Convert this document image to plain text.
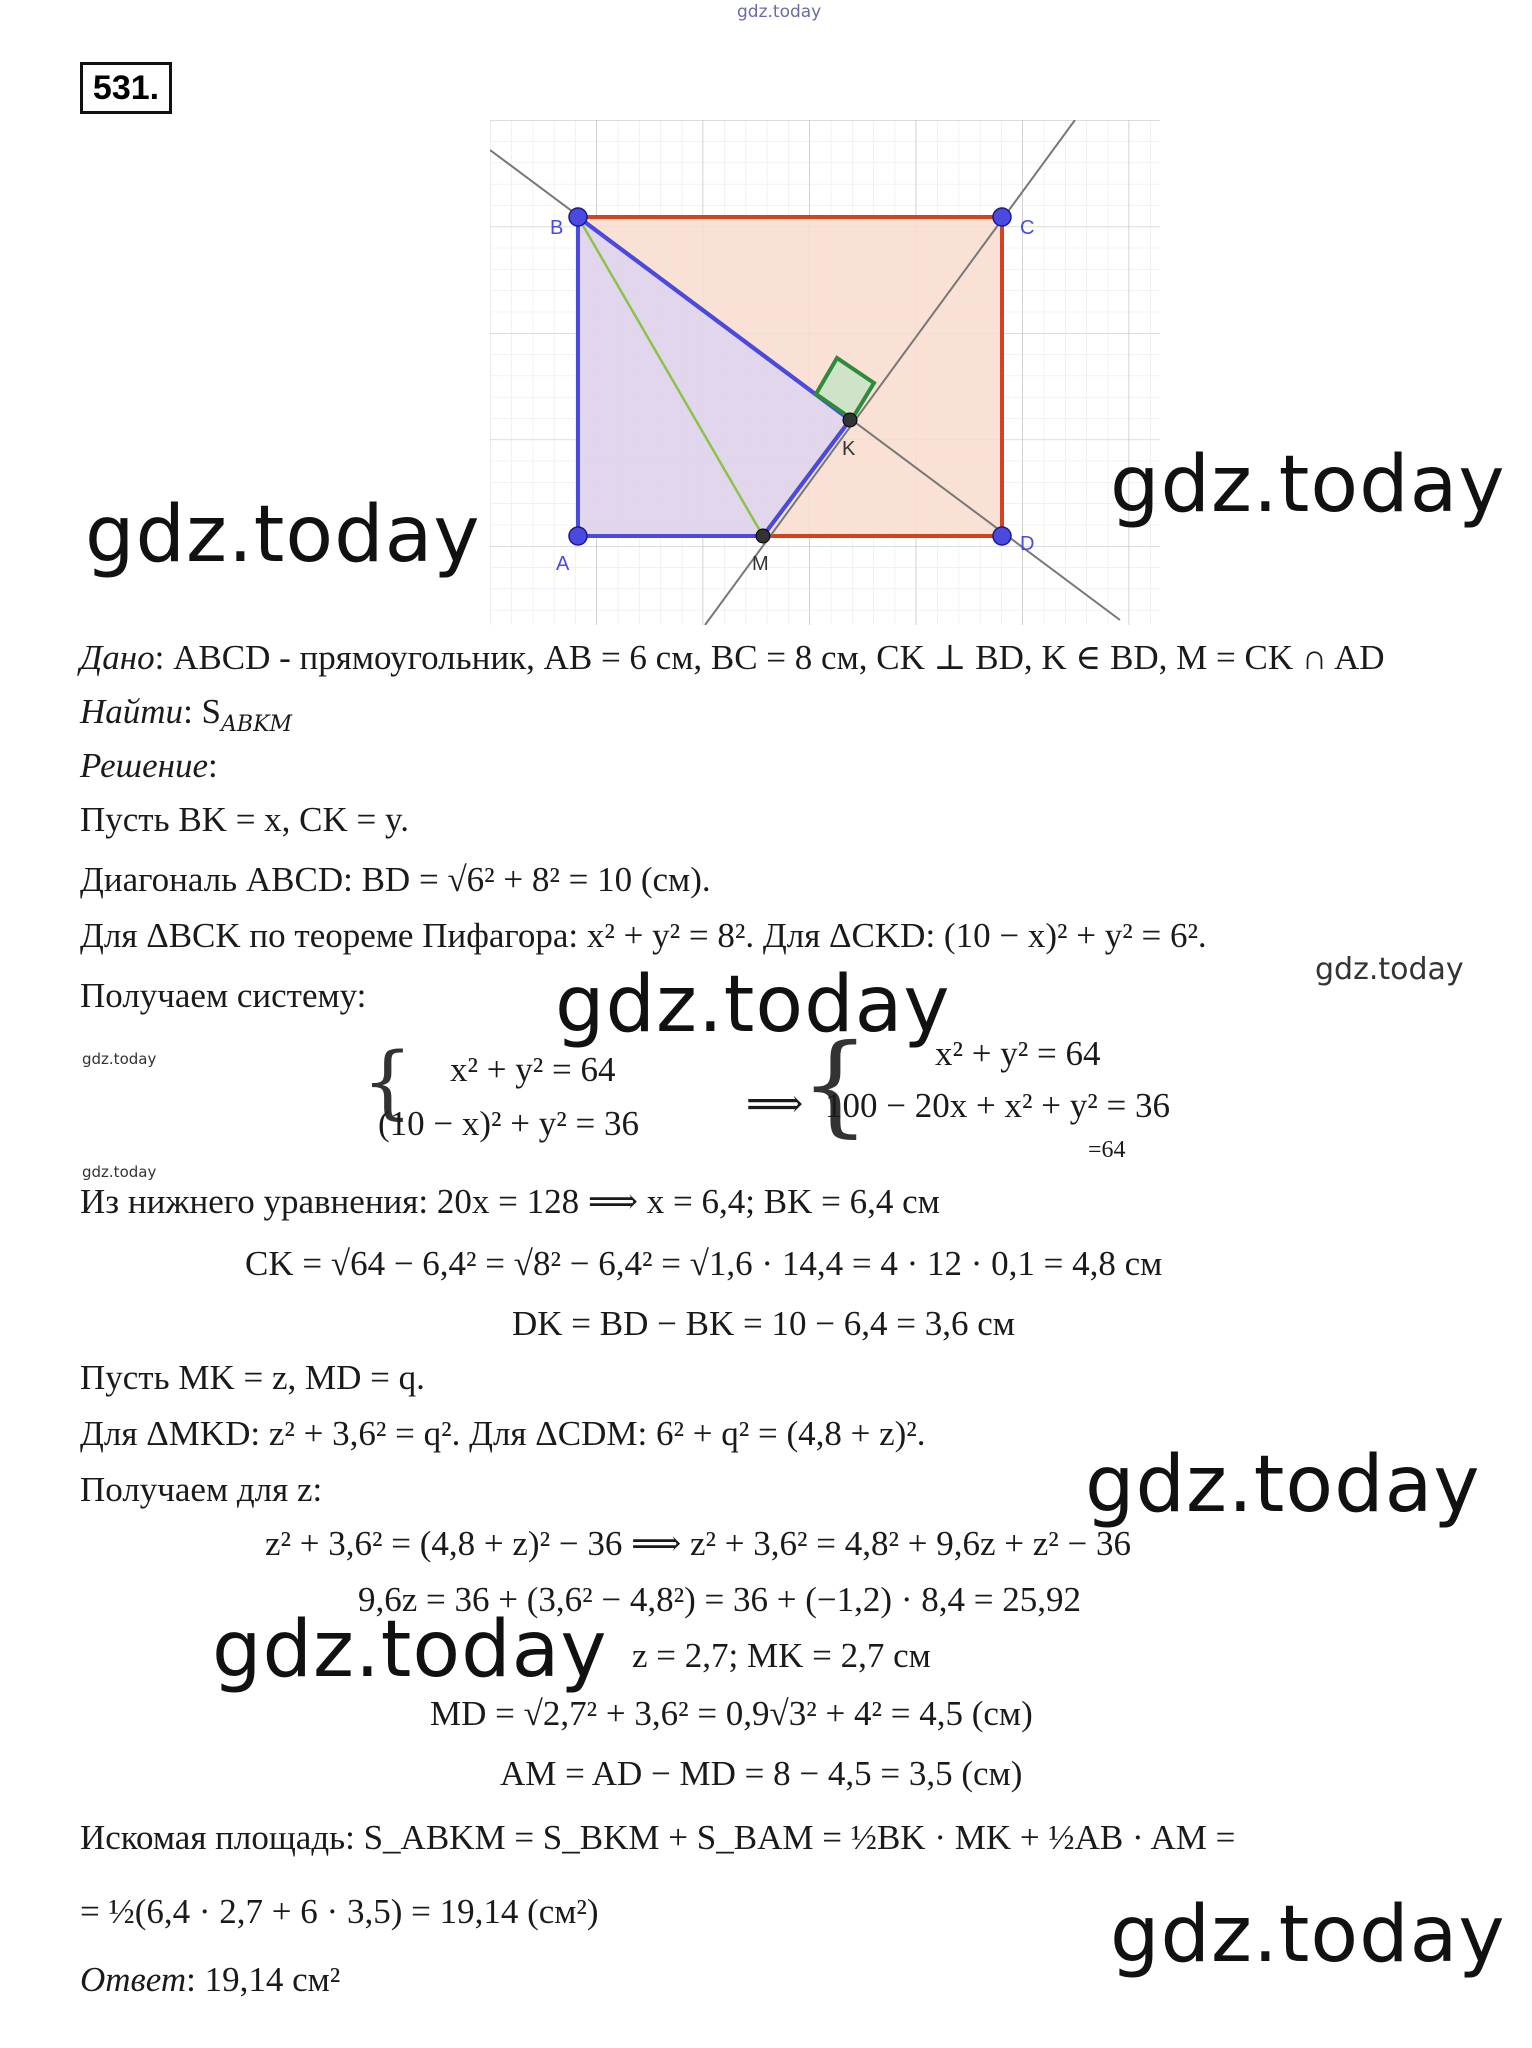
gdz.today
531.
B	C
A
D
K
M
gdz.today
gdz.today
Дано: ABCD - прямоугольник, AB = 6 см, BC = 8 см, CK ⊥ BD, K ∈ BD, M = CK ∩ AD
Найти: $S_{ABKM}$
Решение:
Пусть BK = x, CK = y.
Диагональ ABCD: BD = √6² + 8² = 10 (см).
Для ΔBCK по теореме Пифагора: x² + y² = 8². Для ΔCKD: (10 − x)² + y² = 6².
gdz.today
Получаем систему: gdz.today
gdz.today	{ x² + y² = 64
(10 − x)² + y² = 36	⟹
{ x² + y² = 64
100 − 20x + x² + y² = 36
=64
gdz.today
Из нижнего уравнения: 20x = 128 ⟹ x = 6,4; BK = 6,4 см
CK = √64 − 6,4² = √8² − 6,4² = √1,6 · 14,4 = 4 · 12 · 0,1 = 4,8 см
DK = BD − BK = 10 − 6,4 = 3,6 см
Пусть MK = z, MD = q.
Для ΔMKD: z² + 3,6² = q². Для ΔCDM: 6² + q² = (4,8 + z)².
Получаем для z:	gdz.today
z² + 3,6² = (4,8 + z)² − 36 ⟹ z² + 3,6² = 4,8² + 9,6z + z² − 36
9,6z = 36 + (3,6² − 4,8²) = 36 + (−1,2) · 8,4 = 25,92
gdz.today z = 2,7; MK = 2,7 см
MD = √2,7² + 3,6² = 0,9√3² + 4² = 4,5 (см)
AM = AD − MD = 8 − 4,5 = 3,5 (см)
Искомая площадь: S_ABKM = S_BKM + S_BAM = ½BK · MK + ½AB · AM =
= ½(6,4 · 2,7 + 6 · 3,5) = 19,14 (см²)	gdz.today
Ответ: 19,14 см²
